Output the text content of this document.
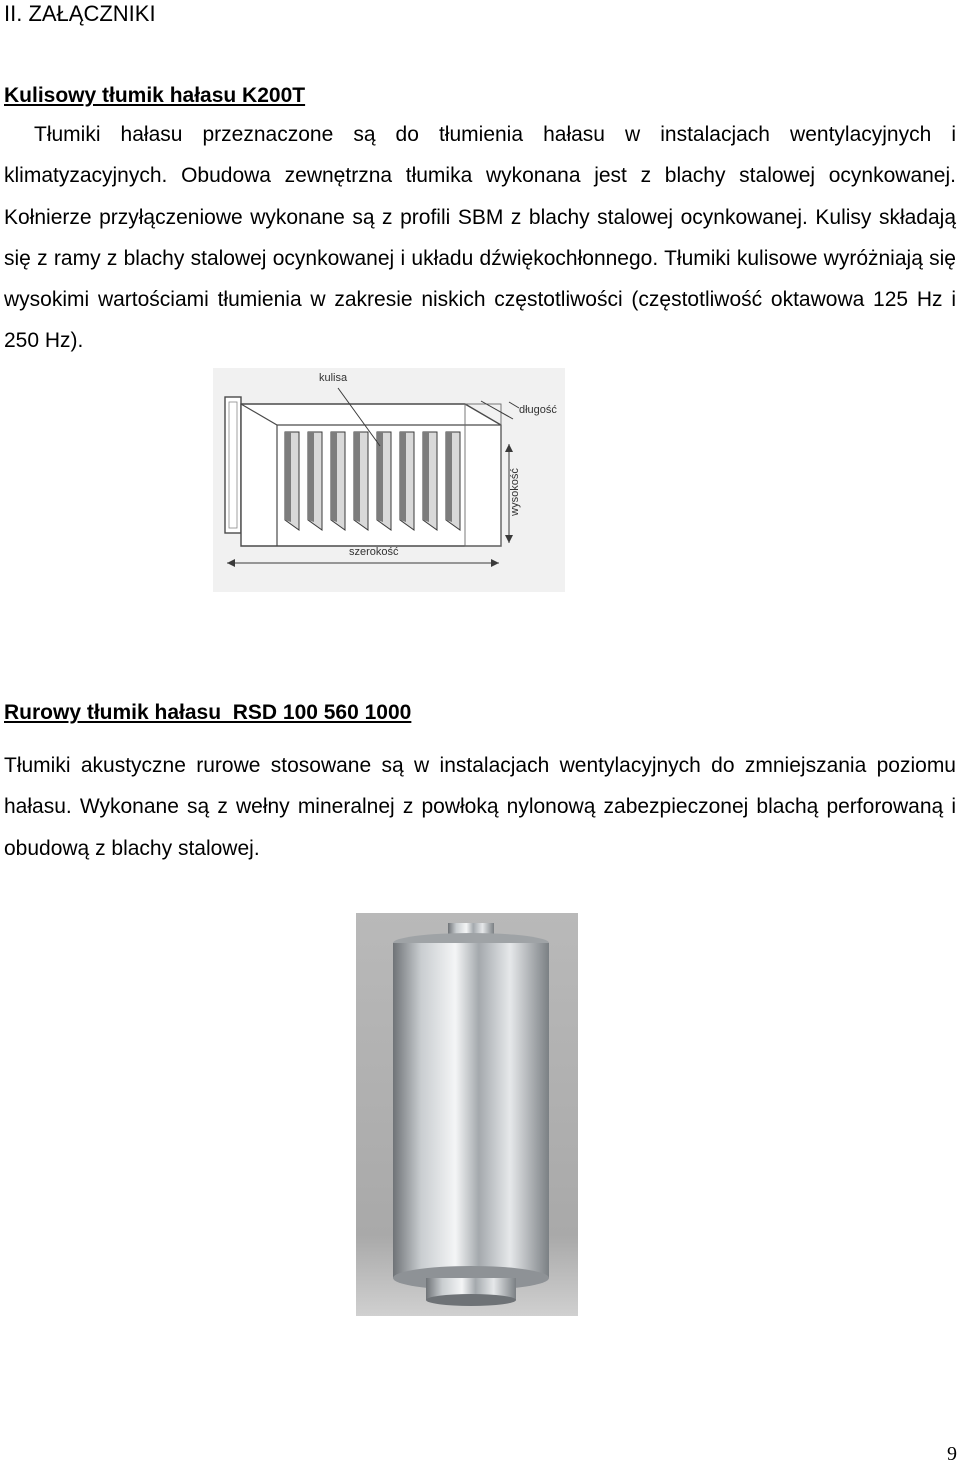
II. ZAŁĄCZNIKI
Kulisowy tłumik hałasu K200T
Tłumiki hałasu przeznaczone są do tłumienia hałasu w instalacjach wentylacyjnych i klimatyzacyjnych. Obudowa zewnętrzna tłumika wykonana jest z blachy stalowej ocynkowanej. Kołnierze przyłączeniowe wykonane są z profili SBM z blachy stalowej ocynkowanej. Kulisy składają się z ramy z blachy stalowej ocynkowanej i układu dźwiękochłonnego. Tłumiki kulisowe wyróżniają się wysokimi wartościami tłumienia w zakresie niskich częstotliwości (częstotliwość oktawowa 125 Hz i 250 Hz).
kulisa
długość
wysokość
szerokość
Rurowy tłumik hałasu  RSD 100 560 1000
Tłumiki akustyczne rurowe stosowane są w instalacjach wentylacyjnych do zmniejszania poziomu hałasu. Wykonane są z wełny mineralnej z powłoką nylonową zabezpieczonej blachą perforowaną i obudową z blachy stalowej.
9
